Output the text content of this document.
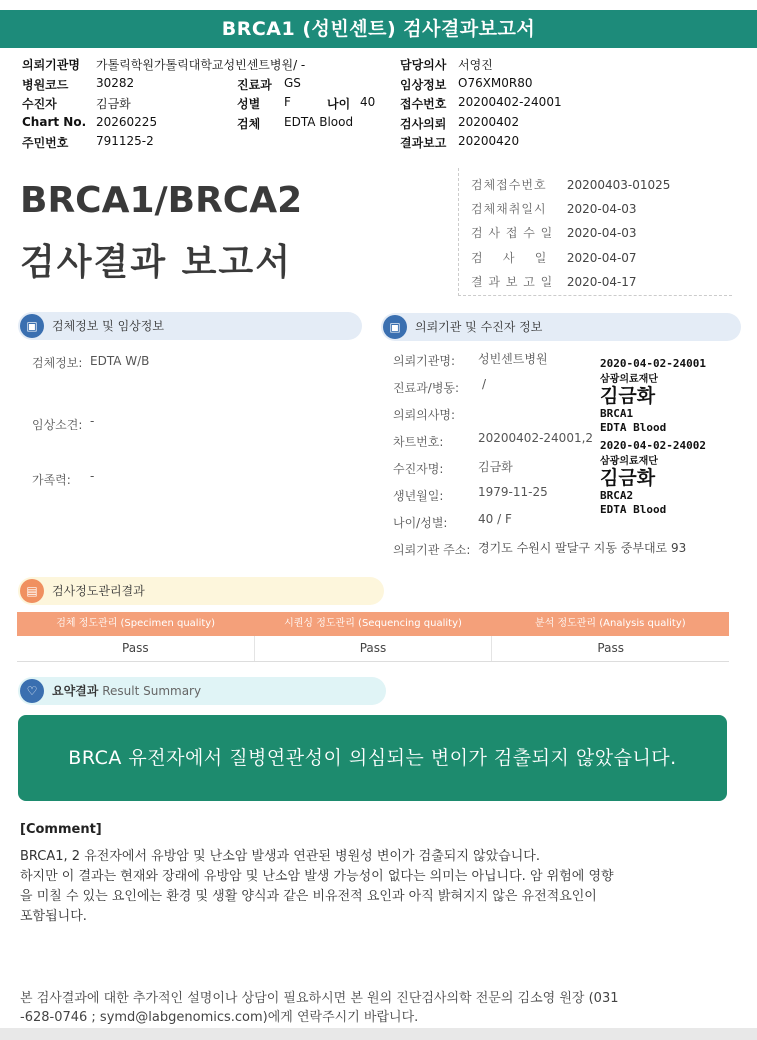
BRCA1 (성빈센트) 검사결과보고서
의뢰기관명 가톨릭학원가톨릭대학교성빈센트병원/ -	담당의사 서영진
병원코드 30282	진료과 GS	임상정보 O76XM0R80
수진자	김금화	성별 F	나이 40 접수번호 20200402-24001
Chart No. 20260225	검체 EDTA Blood	검사의뢰 20200402
주민번호 791125-2	결과보고 20200420
BRCA1/BRCA2
검사결과 보고서
검체접수번호 20200403-01025
검체채취일시 2020-04-03
검 사 접 수 일 2020-04-03
검    사    일 2020-04-07
결 과 보 고 일 2020-04-17
▣	검체정보 및 임상정보
검체정보: EDTA W/B
임상소견: -
가족력: -
▣	의뢰기관 및 수진자 정보
의뢰기관명: 성빈센트병원
진료과/병동: /
의뢰의사명:
차트번호:	20200402-24001,2
수진자명:	김금화
생년월일:	1979-11-25
나이/성별:	40 / F
의뢰기관 주소: 경기도 수원시 팔달구 지동 중부대로 93
2020-04-02-24001
삼광의료재단
김금화
BRCA1
EDTA Blood
2020-04-02-24002
삼광의료재단
김금화
BRCA2
EDTA Blood
▤	검사정도관리결과
검체 정도관리 (Specimen quality)	시퀀싱 정도관리 (Sequencing quality)	분석 정도관리 (Analysis quality)
Pass	Pass	Pass
♡	요약결과 Result Summary
BRCA 유전자에서 질병연관성이 의심되는 변이가 검출되지 않았습니다.
[Comment]
BRCA1, 2 유전자에서 유방암 및 난소암 발생과 연관된 병원성 변이가 검출되지 않았습니다.
하지만 이 결과는 현재와 장래에 유방암 및 난소암 발생 가능성이 없다는 의미는 아닙니다. 암 위험에 영향
을 미칠 수 있는 요인에는 환경 및 생활 양식과 같은 비유전적 요인과 아직 밝혀지지 않은 유전적요인이
포함됩니다.
본 검사결과에 대한 추가적인 설명이나 상담이 필요하시면 본 원의 진단검사의학 전문의 김소영 원장 (031
-628-0746 ; symd@labgenomics.com)에게 연락주시기 바랍니다.
